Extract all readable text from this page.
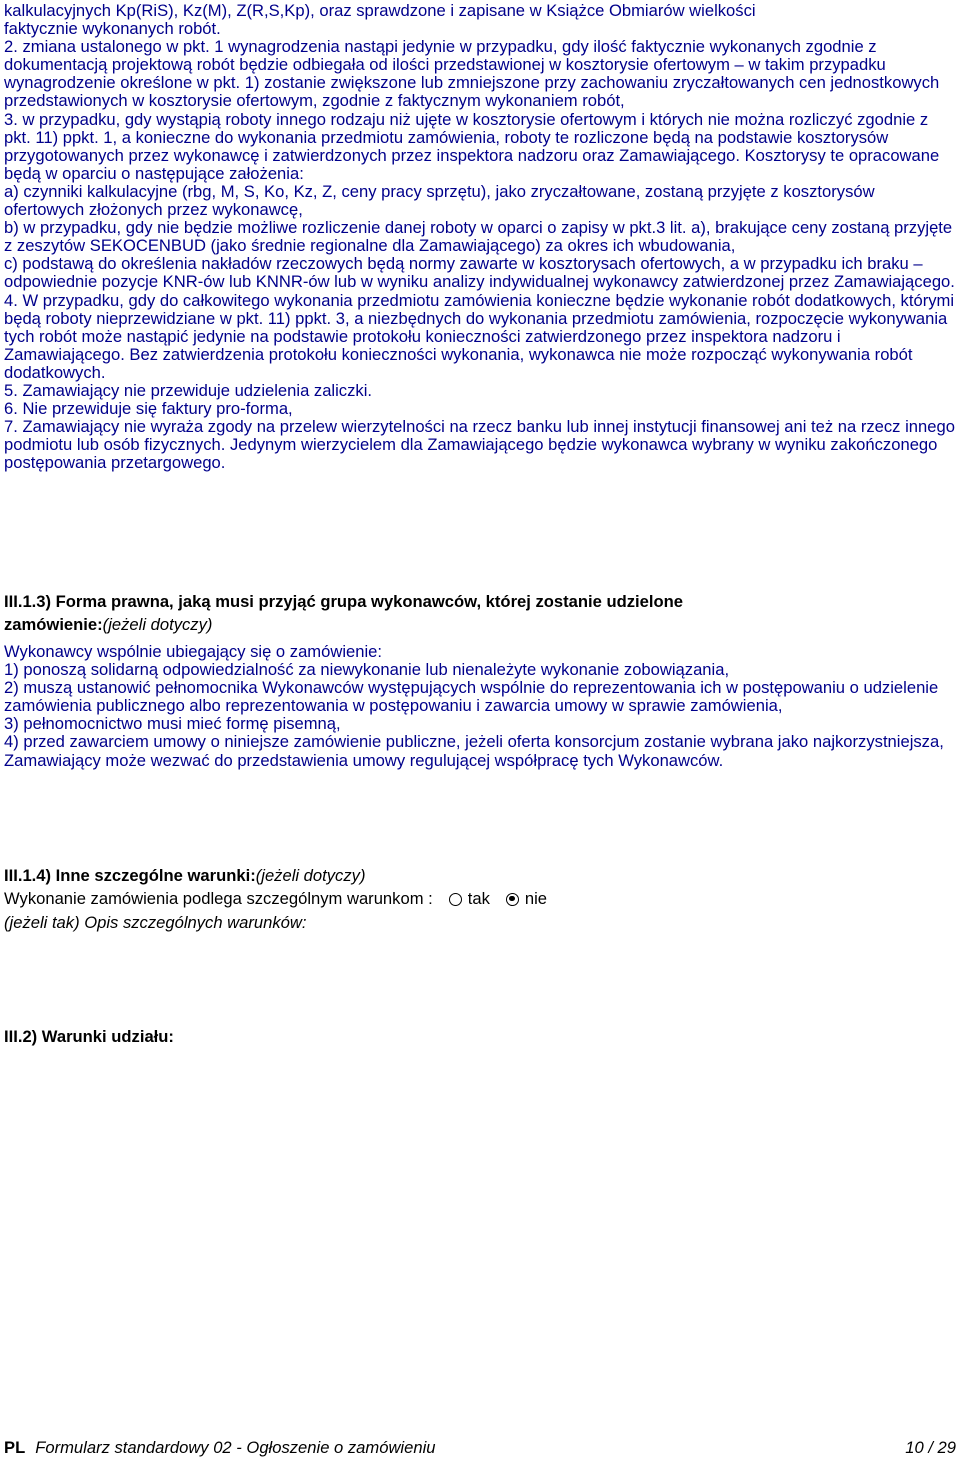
kalkulacyjnych Kp(RiS), Kz(M), Z(R,S,Kp), oraz sprawdzone i zapisane w Książce Obmiarów wielkości

faktycznie wykonanych robót.

2. zmiana ustalonego w pkt. 1 wynagrodzenia nastąpi jedynie w przypadku, gdy ilość faktycznie wykonanych zgodnie z dokumentacją projektową robót będzie odbiegała od ilości przedstawionej w kosztorysie ofertowym – w takim przypadku wynagrodzenie określone w pkt. 1) zostanie zwiększone lub zmniejszone przy zachowaniu zryczałtowanych cen jednostkowych przedstawionych w kosztorysie ofertowym, zgodnie z faktycznym wykonaniem robót,

3. w przypadku, gdy wystąpią roboty innego rodzaju niż ujęte w kosztorysie ofertowym i których nie można rozliczyć zgodnie z pkt. 11) ppkt. 1, a konieczne do wykonania przedmiotu zamówienia, roboty te rozliczone będą na podstawie kosztorysów przygotowanych przez wykonawcę i zatwierdzonych przez inspektora nadzoru oraz Zamawiającego. Kosztorysy te opracowane będą w oparciu o następujące założenia:

a) czynniki kalkulacyjne (rbg, M, S, Ko, Kz, Z, ceny pracy sprzętu), jako zryczałtowane, zostaną przyjęte z kosztorysów ofertowych złożonych przez wykonawcę,

b) w przypadku, gdy nie będzie możliwe rozliczenie danej roboty w oparci o zapisy w pkt.3 lit. a), brakujące ceny zostaną przyjęte z zeszytów SEKOCENBUD (jako średnie regionalne dla Zamawiającego) za okres ich wbudowania,

c) podstawą do określenia nakładów rzeczowych będą normy zawarte w kosztorysach ofertowych, a w przypadku ich braku – odpowiednie pozycje KNR-ów lub KNNR-ów lub w wyniku analizy indywidualnej wykonawcy zatwierdzonej przez Zamawiającego.

4. W przypadku, gdy do całkowitego wykonania przedmiotu zamówienia konieczne będzie wykonanie robót dodatkowych, którymi będą roboty nieprzewidziane w pkt. 11) ppkt. 3, a niezbędnych do wykonania przedmiotu zamówienia, rozpoczęcie wykonywania tych robót może nastąpić jedynie na podstawie protokołu konieczności zatwierdzonego przez inspektora nadzoru i Zamawiającego. Bez zatwierdzenia protokołu konieczności wykonania, wykonawca nie może rozpocząć wykonywania robót dodatkowych.

5. Zamawiający nie przewiduje udzielenia zaliczki.

6. Nie przewiduje się faktury pro-forma,

7. Zamawiający nie wyraża zgody na przelew wierzytelności na rzecz banku lub innej instytucji finansowej ani też na rzecz innego podmiotu lub osób fizycznych. Jedynym wierzycielem dla Zamawiającego będzie wykonawca wybrany w wyniku zakończonego postępowania przetargowego.

III.1.3) Forma prawna, jaką musi przyjąć grupa wykonawców, której zostanie udzielone
zamówienie:(jeżeli dotyczy)

Wykonawcy wspólnie ubiegający się o zamówienie:

1) ponoszą solidarną odpowiedzialność za niewykonanie lub nienależyte wykonanie zobowiązania,

2) muszą ustanowić pełnomocnika Wykonawców występujących wspólnie do reprezentowania ich w postępowaniu o udzielenie zamówienia publicznego albo reprezentowania w postępowaniu i zawarcia umowy w sprawie zamówienia,

3) pełnomocnictwo musi mieć formę pisemną,

4) przed zawarciem umowy o niniejsze zamówienie publiczne, jeżeli oferta konsorcjum zostanie wybrana jako najkorzystniejsza, Zamawiający może wezwać do przedstawienia umowy regulującej współpracę tych Wykonawców.

III.1.4) Inne szczególne warunki:(jeżeli dotyczy)

Wykonanie zamówienia podlega szczególnym warunkom : tak nie

(jeżeli tak) Opis szczególnych warunków:

III.2) Warunki udziału:

PL Formularz standardowy 02 - Ogłoszenie o zamówieniu	10 / 29
